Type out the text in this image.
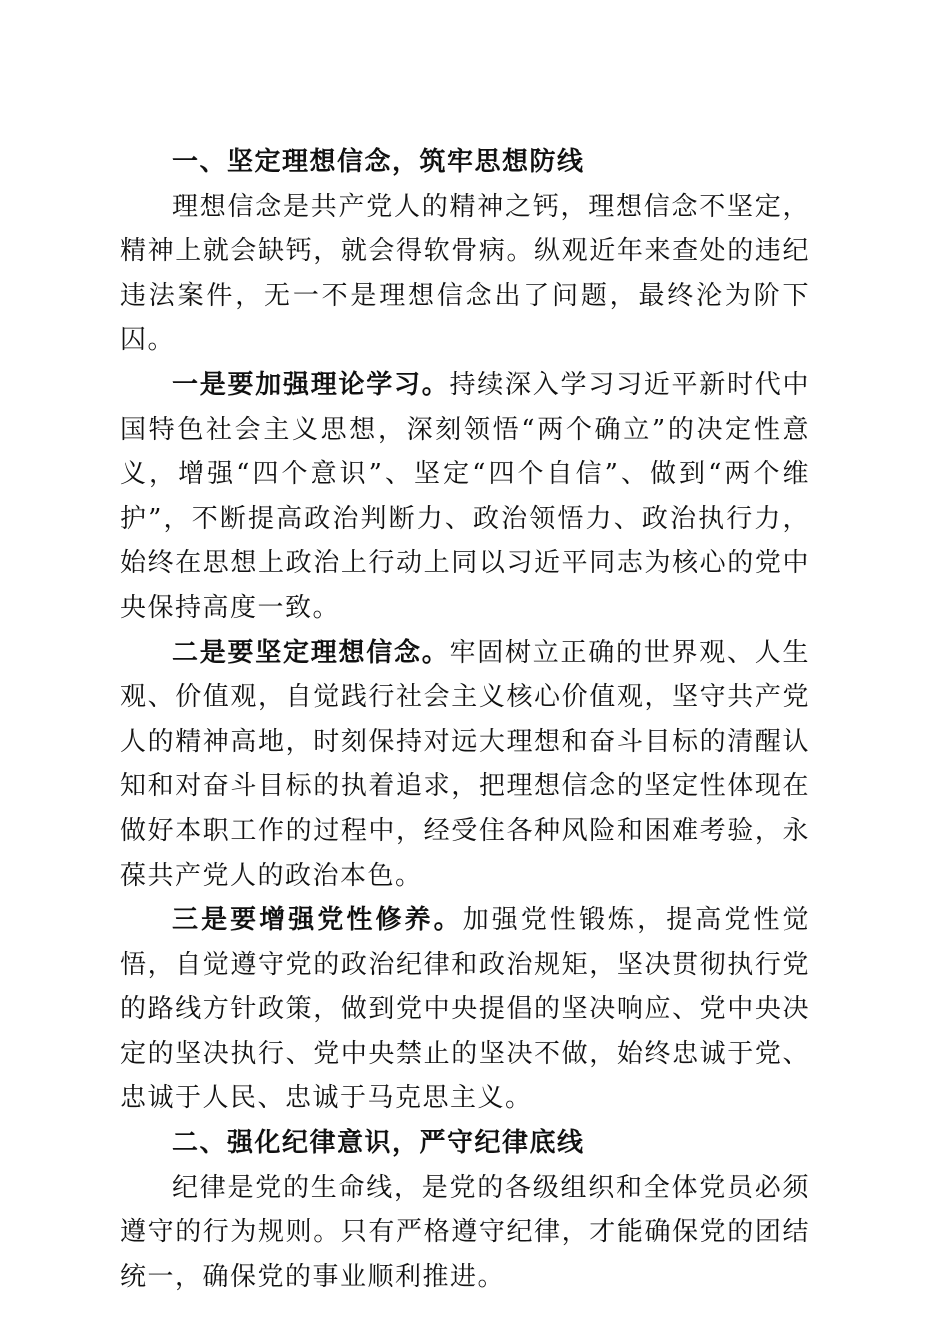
一、坚定理想信念，筑牢思想防线

理想信念是共产党人的精神之钙，理想信念不坚定，精神上就会缺钙，就会得软骨病。纵观近年来查处的违纪违法案件，无一不是理想信念出了问题，最终沦为阶下囚。

一是要加强理论学习。持续深入学习习近平新时代中国特色社会主义思想，深刻领悟“两个确立”的决定性意义，增强“四个意识”、坚定“四个自信”、做到“两个维护”，不断提高政治判断力、政治领悟力、政治执行力，始终在思想上政治上行动上同以习近平同志为核心的党中央保持高度一致。

二是要坚定理想信念。牢固树立正确的世界观、人生观、价值观，自觉践行社会主义核心价值观，坚守共产党人的精神高地，时刻保持对远大理想和奋斗目标的清醒认知和对奋斗目标的执着追求，把理想信念的坚定性体现在做好本职工作的过程中，经受住各种风险和困难考验，永葆共产党人的政治本色。

三是要增强党性修养。加强党性锻炼，提高党性觉悟，自觉遵守党的政治纪律和政治规矩，坚决贯彻执行党的路线方针政策，做到党中央提倡的坚决响应、党中央决定的坚决执行、党中央禁止的坚决不做，始终忠诚于党、忠诚于人民、忠诚于马克思主义。

二、强化纪律意识，严守纪律底线

纪律是党的生命线，是党的各级组织和全体党员必须遵守的行为规则。只有严格遵守纪律，才能确保党的团结统一，确保党的事业顺利推进。
